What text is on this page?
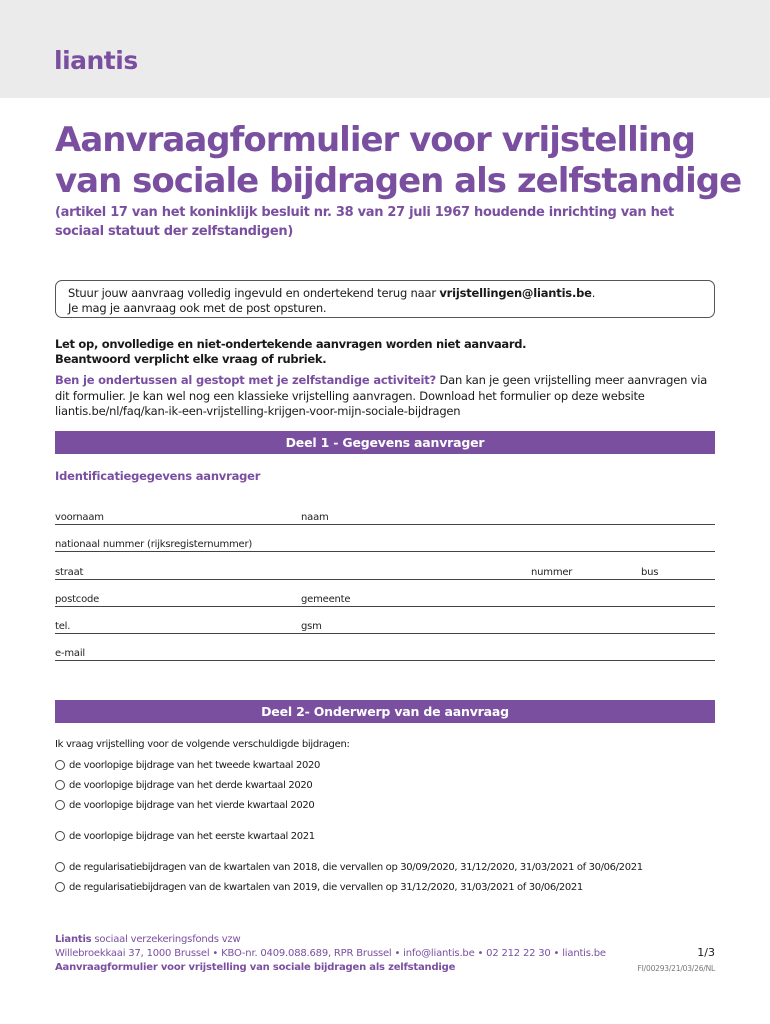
liantis
Aanvraagformulier voor vrijstelling van sociale bijdragen als zelfstandige
(artikel 17 van het koninklijk besluit nr. 38 van 27 juli 1967 houdende inrichting van het sociaal statuut der zelfstandigen)
Stuur jouw aanvraag volledig ingevuld en ondertekend terug naar vrijstellingen@liantis.be.
Je mag je aanvraag ook met de post opsturen.
Let op, onvolledige en niet-ondertekende aanvragen worden niet aanvaard.
Beantwoord verplicht elke vraag of rubriek.
Ben je ondertussen al gestopt met je zelfstandige activiteit? Dan kan je geen vrijstelling meer aanvragen via dit formulier. Je kan wel nog een klassieke vrijstelling aanvragen. Download het formulier op deze website liantis.be/nl/faq/kan-ik-een-vrijstelling-krijgen-voor-mijn-sociale-bijdragen
Deel 1 - Gegevens aanvrager
Identificatiegegevens aanvrager
voornaam	naam
nationaal nummer (rijksregisternummer)
straat	nummer	bus
postcode	gemeente
tel.	gsm
e-mail
Deel 2- Onderwerp van de aanvraag
Ik vraag vrijstelling voor de volgende verschuldigde bijdragen:
de voorlopige bijdrage van het tweede kwartaal 2020
de voorlopige bijdrage van het derde kwartaal 2020
de voorlopige bijdrage van het vierde kwartaal 2020
de voorlopige bijdrage van het eerste kwartaal 2021
de regularisatiebijdragen van de kwartalen van 2018, die vervallen op 30/09/2020, 31/12/2020, 31/03/2021 of 30/06/2021
de regularisatiebijdragen van de kwartalen van 2019, die vervallen op 31/12/2020, 31/03/2021 of 30/06/2021
Liantis sociaal verzekeringsfonds vzw
Willebroekkaai 37, 1000 Brussel • KBO-nr. 0409.088.689, RPR Brussel • info@liantis.be • 02 212 22 30 • liantis.be
Aanvraagformulier voor vrijstelling van sociale bijdragen als zelfstandige
1/3
FI/00293/21/03/26/NL
